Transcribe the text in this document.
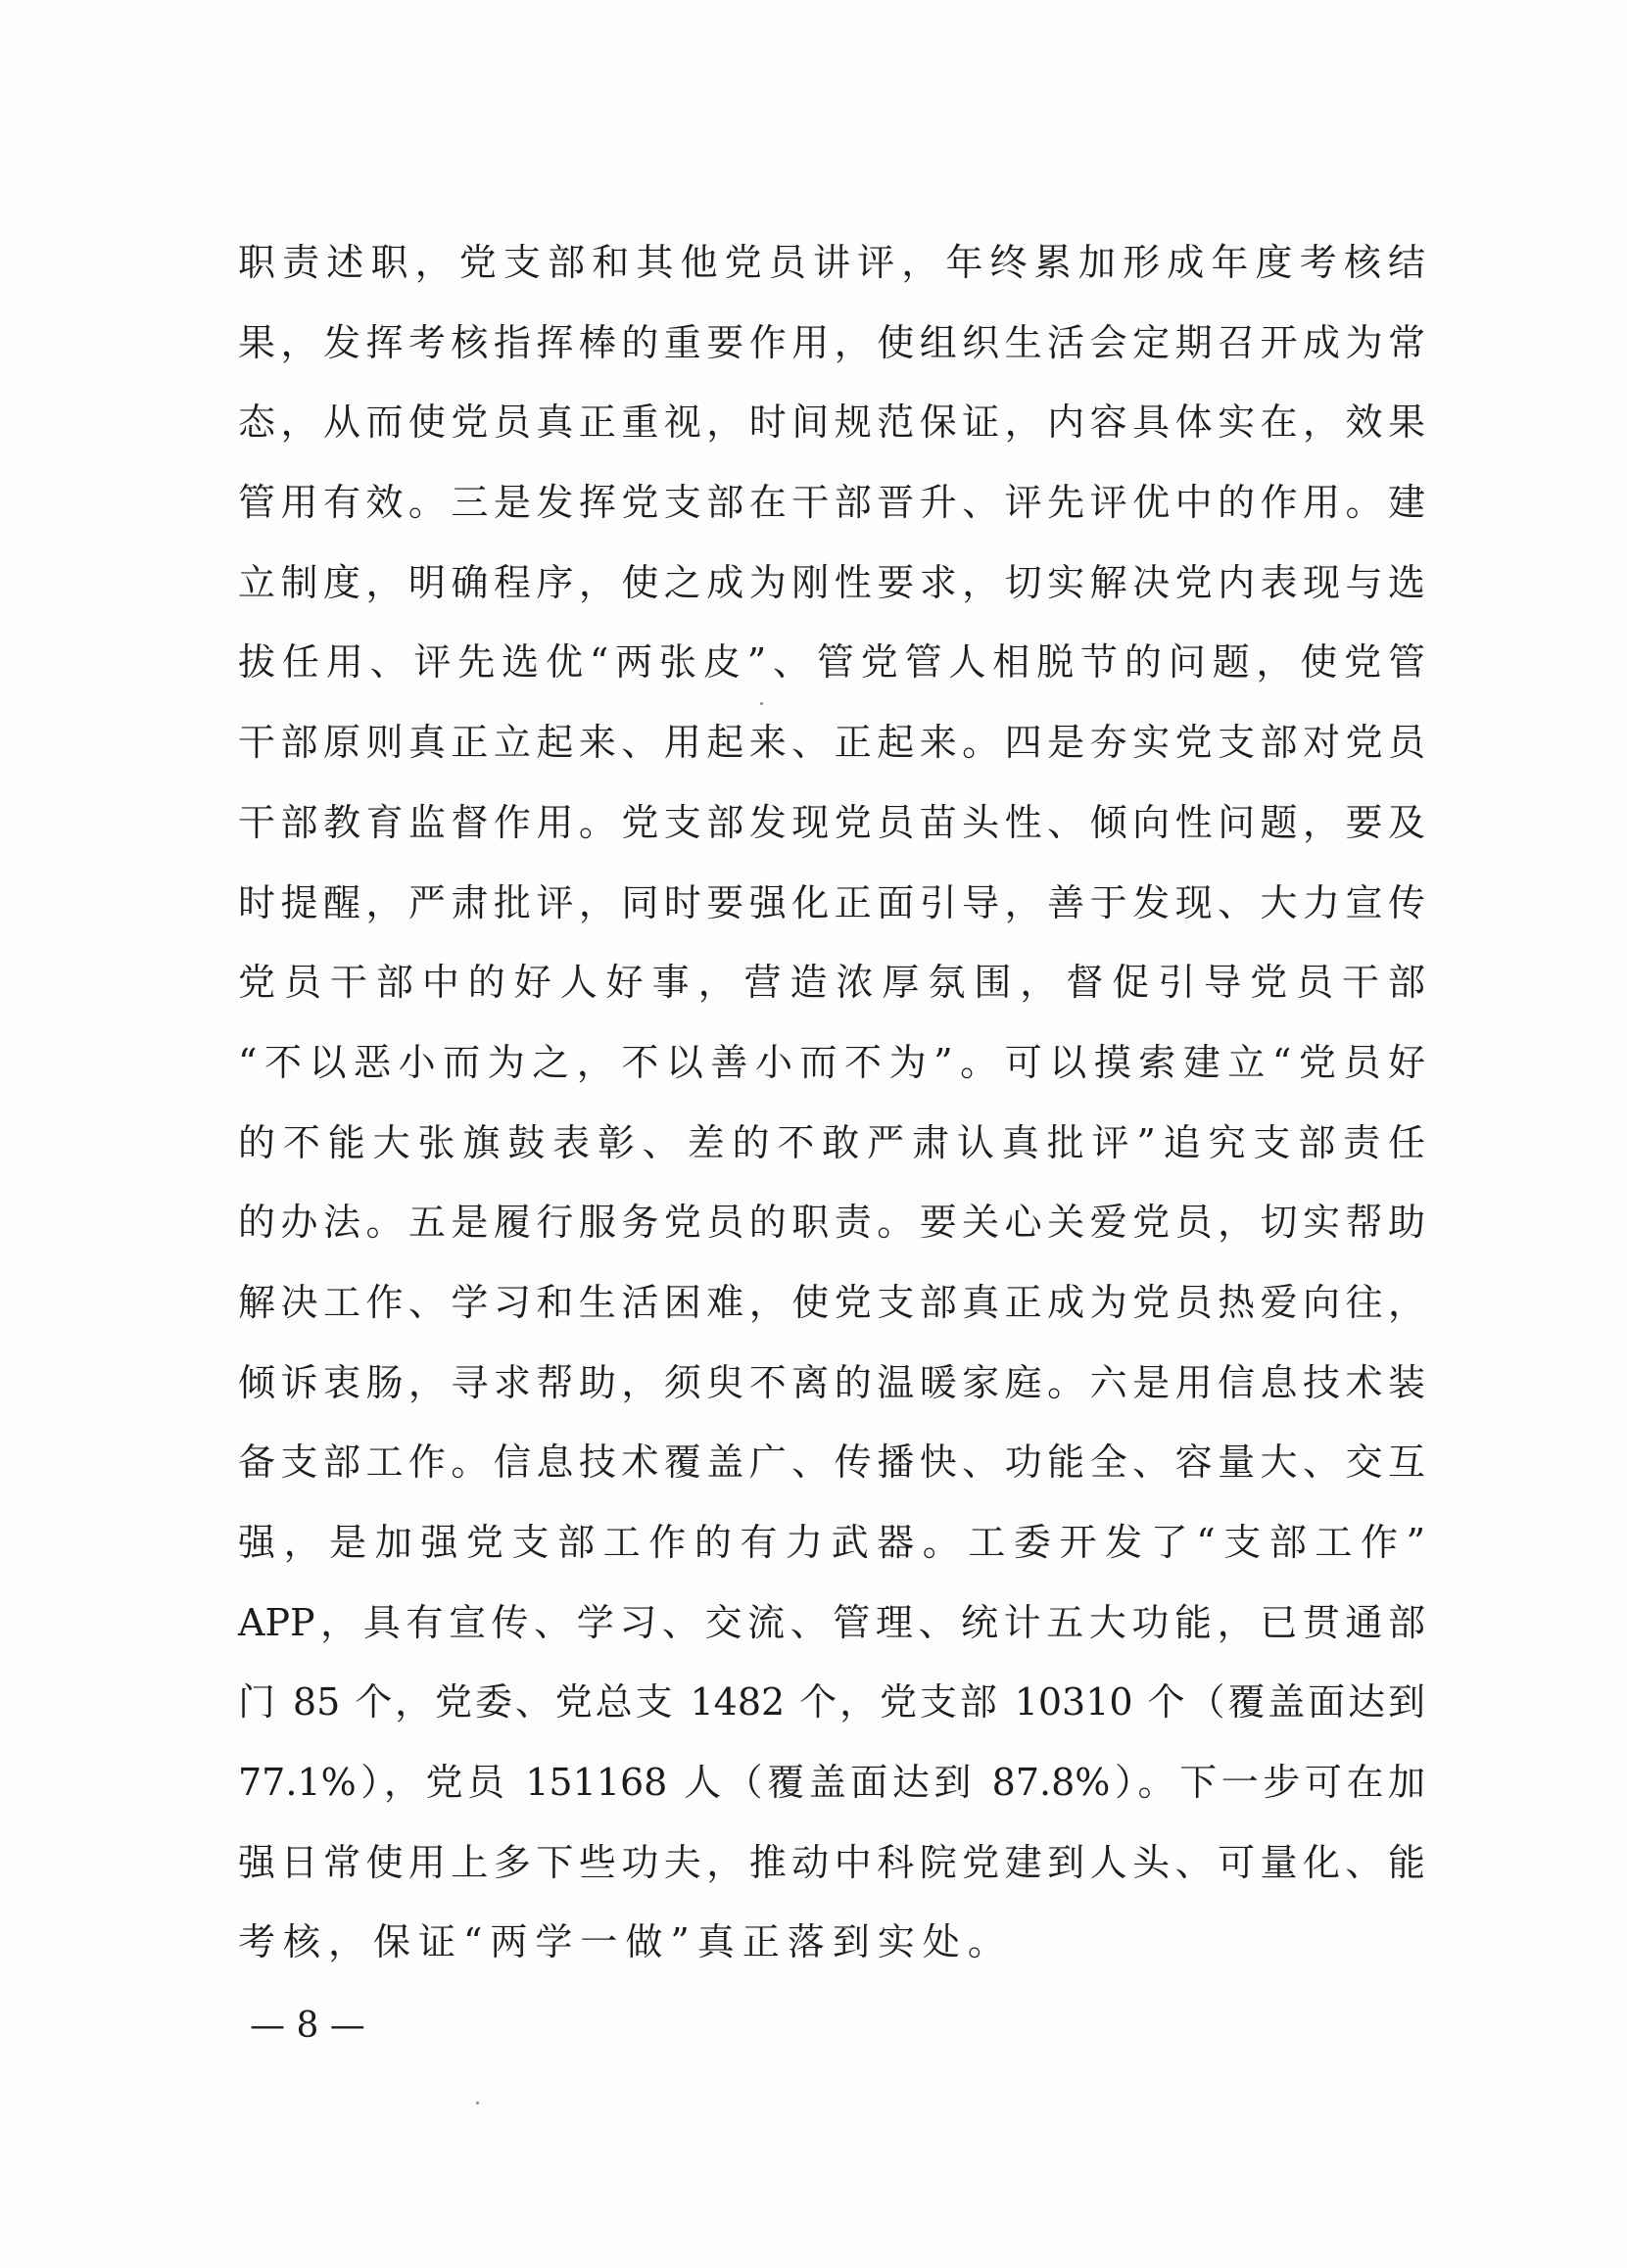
职责述职，党支部和其他党员讲评，年终累加形成年度考核结
果，发挥考核指挥棒的重要作用，使组织生活会定期召开成为常
态，从而使党员真正重视，时间规范保证，内容具体实在，效果
管用有效。三是发挥党支部在干部晋升、评先评优中的作用。建
立制度，明确程序，使之成为刚性要求，切实解决党内表现与选
拔任用、评先选优“两张皮”、管党管人相脱节的问题，使党管
干部原则真正立起来、用起来、正起来。四是夯实党支部对党员
干部教育监督作用。党支部发现党员苗头性、倾向性问题，要及
时提醒，严肃批评，同时要强化正面引导，善于发现、大力宣传
党员干部中的好人好事，营造浓厚氛围，督促引导党员干部
“不以恶小而为之，不以善小而不为”。可以摸索建立“党员好
的不能大张旗鼓表彰、差的不敢严肃认真批评”追究支部责任
的办法。五是履行服务党员的职责。要关心关爱党员，切实帮助
解决工作、学习和生活困难，使党支部真正成为党员热爱向往，
倾诉衷肠，寻求帮助，须臾不离的温暖家庭。六是用信息技术装
备支部工作。信息技术覆盖广、传播快、功能全、容量大、交互
强，是加强党支部工作的有力武器。工委开发了“支部工作”
APP，具有宣传、学习、交流、管理、统计五大功能，已贯通部
门 85 个，党委、党总支 1482 个，党支部 10310 个（覆盖面达到
77.1%），党员 151168 人（覆盖面达到 87.8%）。下一步可在加
强日常使用上多下些功夫，推动中科院党建到人头、可量化、能
考核，保证“两学一做”真正落到实处。
— 8 —
